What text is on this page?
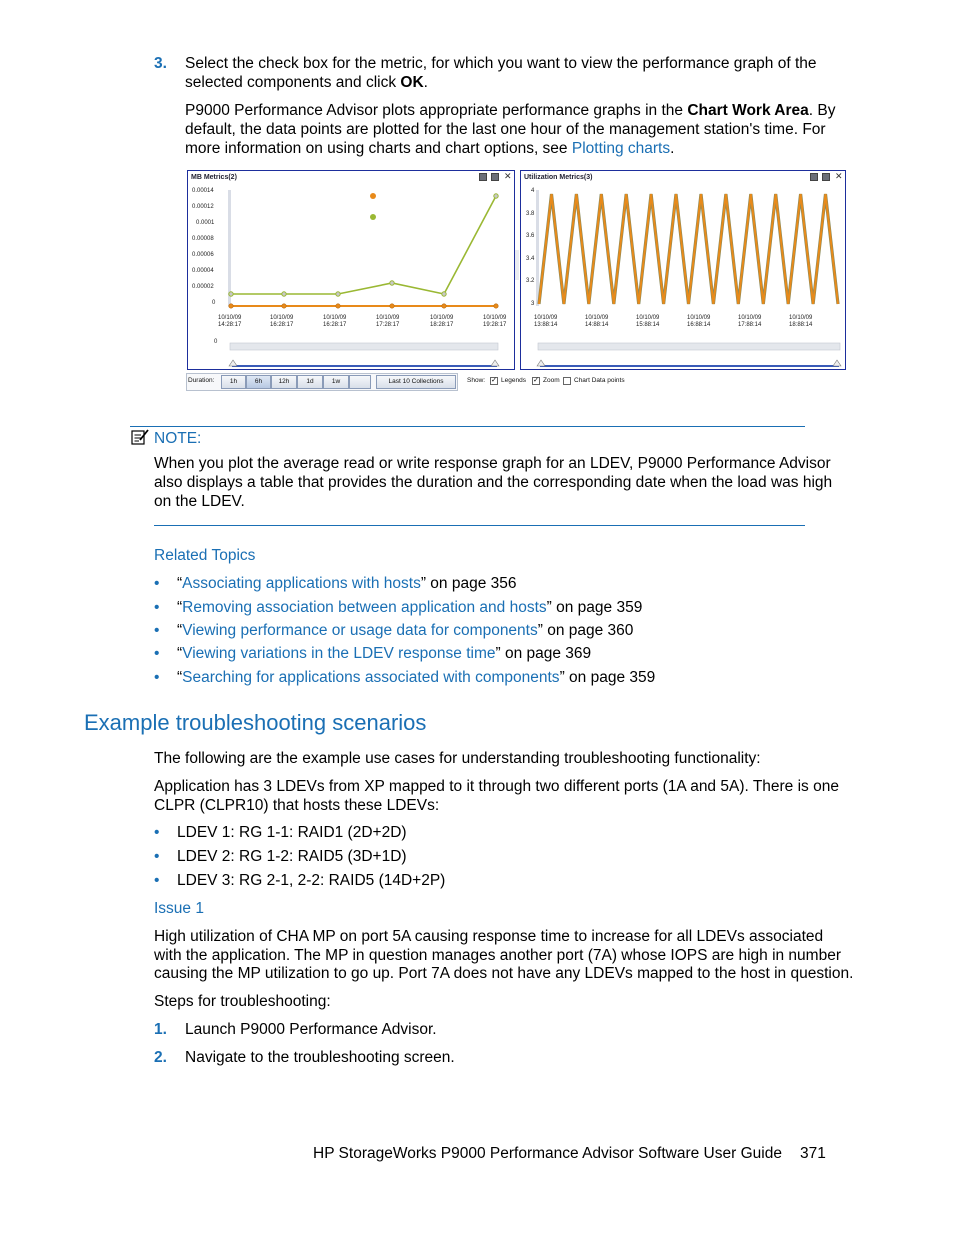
3. Select the check box for the metric, for which you want to view the performance graph of the
selected components and click OK.
P9000 Performance Advisor plots appropriate performance graphs in the Chart Work Area. By
default, the data points are plotted for the last one hour of the management station's time. For
more information on using charts and chart options, see Plotting charts.
MB Metrics(2)	✕
0.00014
0.00012
0.0001
0.00008
0.00006
0.00004
0.00002
0
0
10/10/09
14:28:17
10/10/09
16:28:17
10/10/09
16:28:17
10/10/09
17:28:17
10/10/09
18:28:17
10/10/09
19:28:17
Utilization Metrics(3)	✕
4
3.8
3.6
3.4
3.2
3
10/10/09
13:88:14
10/10/09
14:88:14
10/10/09
15:88:14
10/10/09
16:88:14
10/10/09
17:88:14
10/10/09
18:88:14
Duration:	1h	6h	12h	1d	1w	Last 10 Collections	Show: ✓ Legends ✓ Zoom Chart Data points
NOTE:
When you plot the average read or write response graph for an LDEV, P9000 Performance Advisor
also displays a table that provides the duration and the corresponding date when the load was high
on the LDEV.
Related Topics
• “Associating applications with hosts” on page 356
• “Removing association between application and hosts” on page 359
• “Viewing performance or usage data for components” on page 360
• “Viewing variations in the LDEV response time” on page 369
• “Searching for applications associated with components” on page 359
Example troubleshooting scenarios
The following are the example use cases for understanding troubleshooting functionality:
Application has 3 LDEVs from XP mapped to it through two different ports (1A and 5A). There is one
CLPR (CLPR10) that hosts these LDEVs:
• LDEV 1: RG 1-1: RAID1 (2D+2D)
• LDEV 2: RG 1-2: RAID5 (3D+1D)
• LDEV 3: RG 2-1, 2-2: RAID5 (14D+2P)
Issue 1
High utilization of CHA MP on port 5A causing response time to increase for all LDEVs associated
with the application. The MP in question manages another port (7A) whose IOPS are high in number
causing the MP utilization to go up. Port 7A does not have any LDEVs mapped to the host in question.
Steps for troubleshooting:
1. Launch P9000 Performance Advisor.
2. Navigate to the troubleshooting screen.
HP StorageWorks P9000 Performance Advisor Software User Guide 371
